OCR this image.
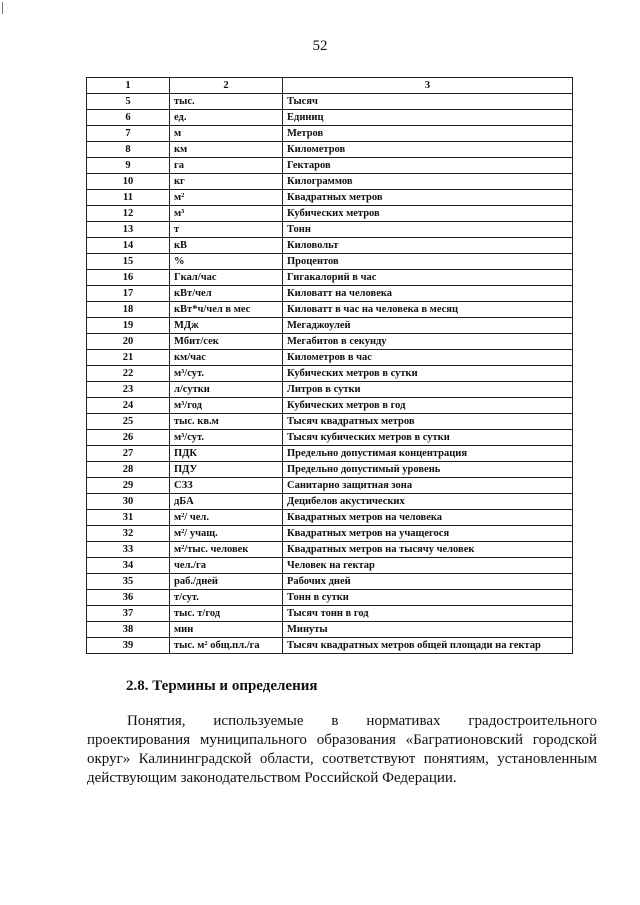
52
1	2	3
5	тыс.	Тысяч
6	ед.	Единиц
7	м	Метров
8	км	Километров
9	га	Гектаров
10	кг	Килограммов
11	м²	Квадратных метров
12	м³	Кубических метров
13	т	Тонн
14	кВ	Киловольт
15	%	Процентов
16	Гкал/час	Гигакалорий в час
17	кВт/чел	Киловатт на человека
18	кВт*ч/чел в мес	Киловатт в час на человека в месяц
19	МДж	Мегаджоулей
20	Мбит/сек	Мегабитов в секунду
21	км/час	Километров в час
22	м³/сут.	Кубических метров в сутки
23	л/сутки	Литров в сутки
24	м³/год	Кубических метров в год
25	тыс. кв.м	Тысяч квадратных метров
26	м³/сут.	Тысяч кубических метров в сутки
27	ПДК	Предельно допустимая концентрация
28	ПДУ	Предельно допустимый уровень
29	СЗЗ	Санитарно защитная зона
30	дБА	Децибелов акустических
31	м²/ чел.	Квадратных метров на человека
32	м²/ учащ.	Квадратных метров на учащегося
33	м²/тыс. человек	Квадратных метров на тысячу человек
34	чел./га	Человек на гектар
35	раб./дней	Рабочих дней
36	т/сут.	Тонн в сутки
37	тыс. т/год	Тысяч тонн в год
38	мин	Минуты
39	тыс. м² общ.пл./га	Тысяч квадратных метров общей площади на гектар
2.8. Термины и определения
Понятия, используемые в нормативах градостроительного проектирования муниципального образования «Багратионовский городской округ» Калининградской области, соответствуют понятиям, установленным действующим законодательством Российской Федерации.
